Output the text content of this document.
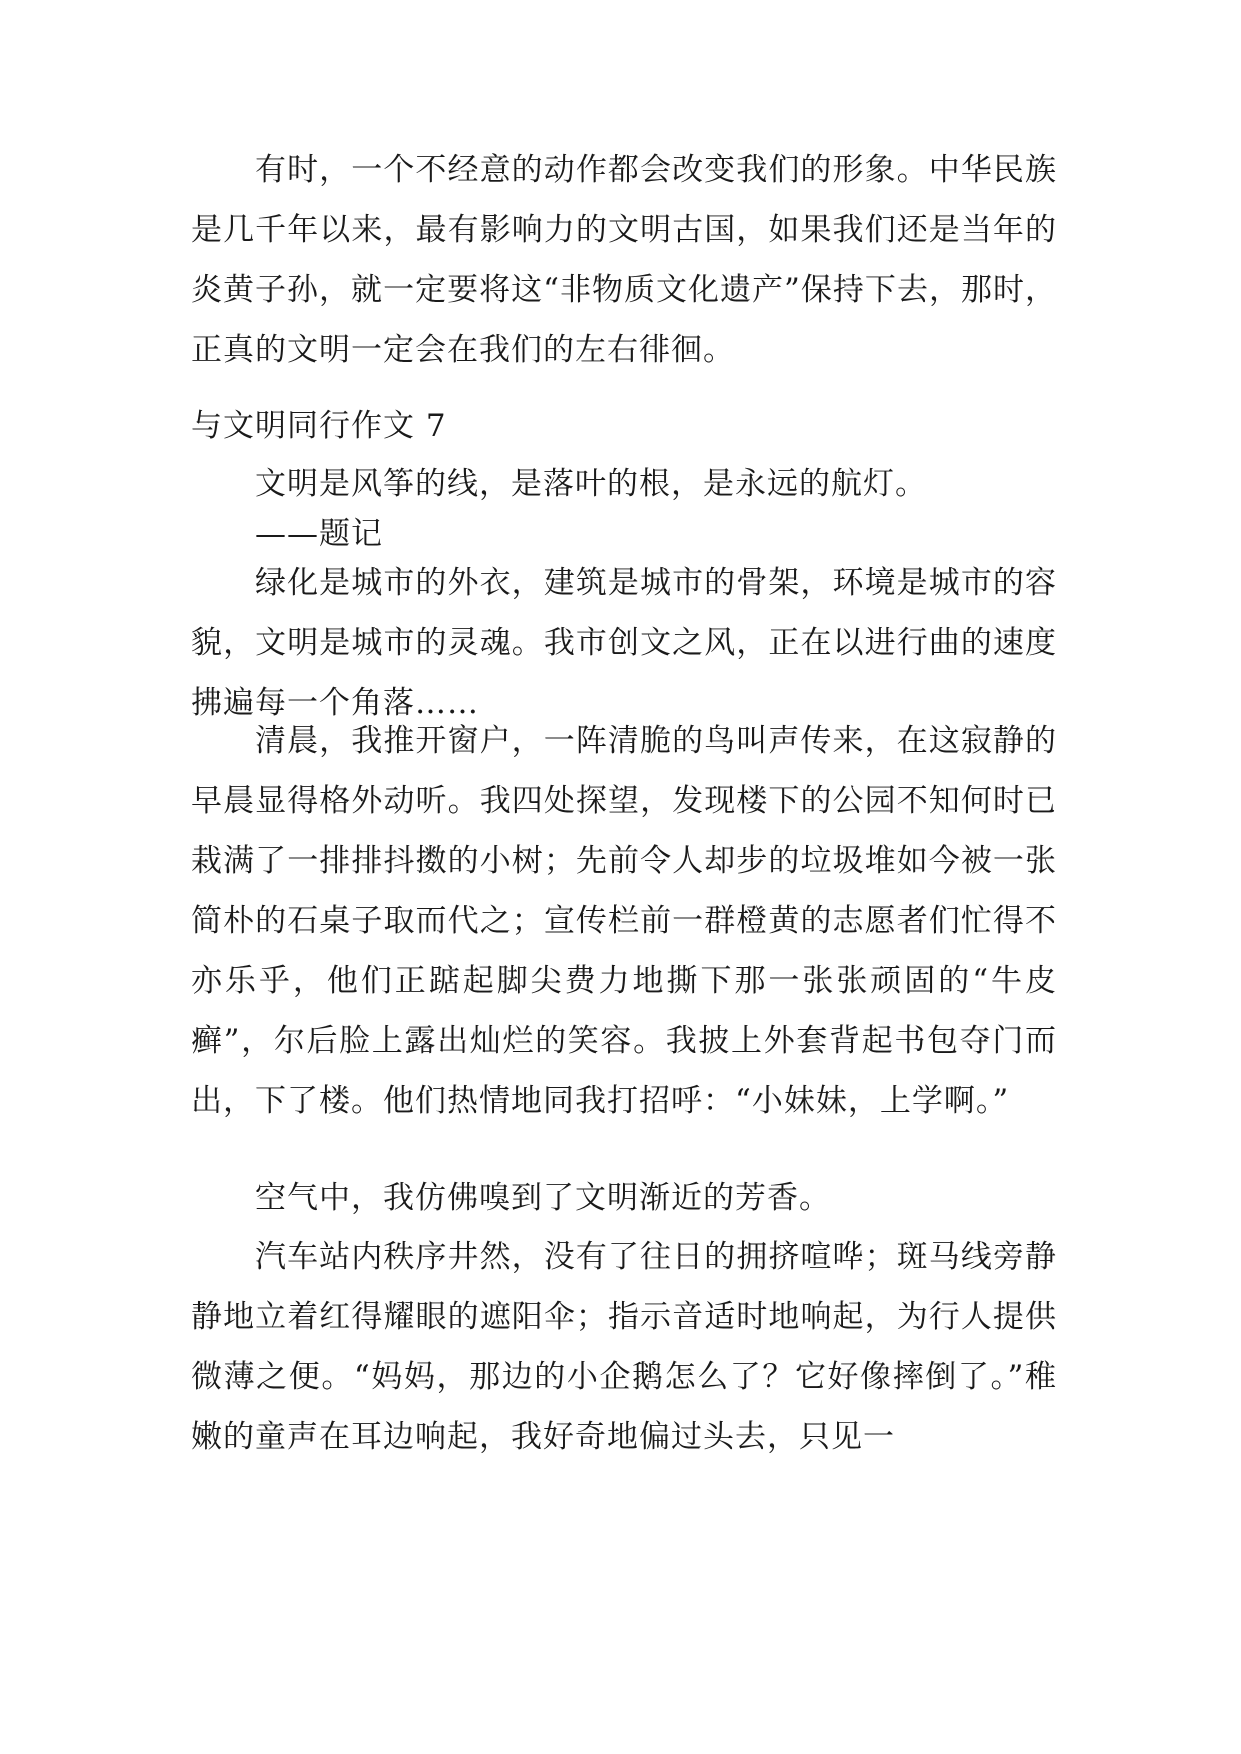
有时，一个不经意的动作都会改变我们的形象。中华民族是几千年以来，最有影响力的文明古国，如果我们还是当年的炎黄子孙，就一定要将这“非物质文化遗产”保持下去，那时，正真的文明一定会在我们的左右徘徊。

与文明同行作文 7

文明是风筝的线，是落叶的根，是永远的航灯。

——题记

绿化是城市的外衣，建筑是城市的骨架，环境是城市的容貌，文明是城市的灵魂。我市创文之风，正在以进行曲的速度拂遍每一个角落……

清晨，我推开窗户，一阵清脆的鸟叫声传来，在这寂静的早晨显得格外动听。我四处探望，发现楼下的公园不知何时已栽满了一排排抖擞的小树；先前令人却步的垃圾堆如今被一张简朴的石桌子取而代之；宣传栏前一群橙黄的志愿者们忙得不亦乐乎，他们正踮起脚尖费力地撕下那一张张顽固的“牛皮癣”，尔后脸上露出灿烂的笑容。我披上外套背起书包夺门而出，下了楼。他们热情地同我打招呼：“小妹妹，上学啊。”

空气中，我仿佛嗅到了文明渐近的芳香。

汽车站内秩序井然，没有了往日的拥挤喧哗；斑马线旁静静地立着红得耀眼的遮阳伞；指示音适时地响起，为行人提供微薄之便。“妈妈，那边的小企鹅怎么了？它好像摔倒了。”稚嫩的童声在耳边响起，我好奇地偏过头去，只见一
